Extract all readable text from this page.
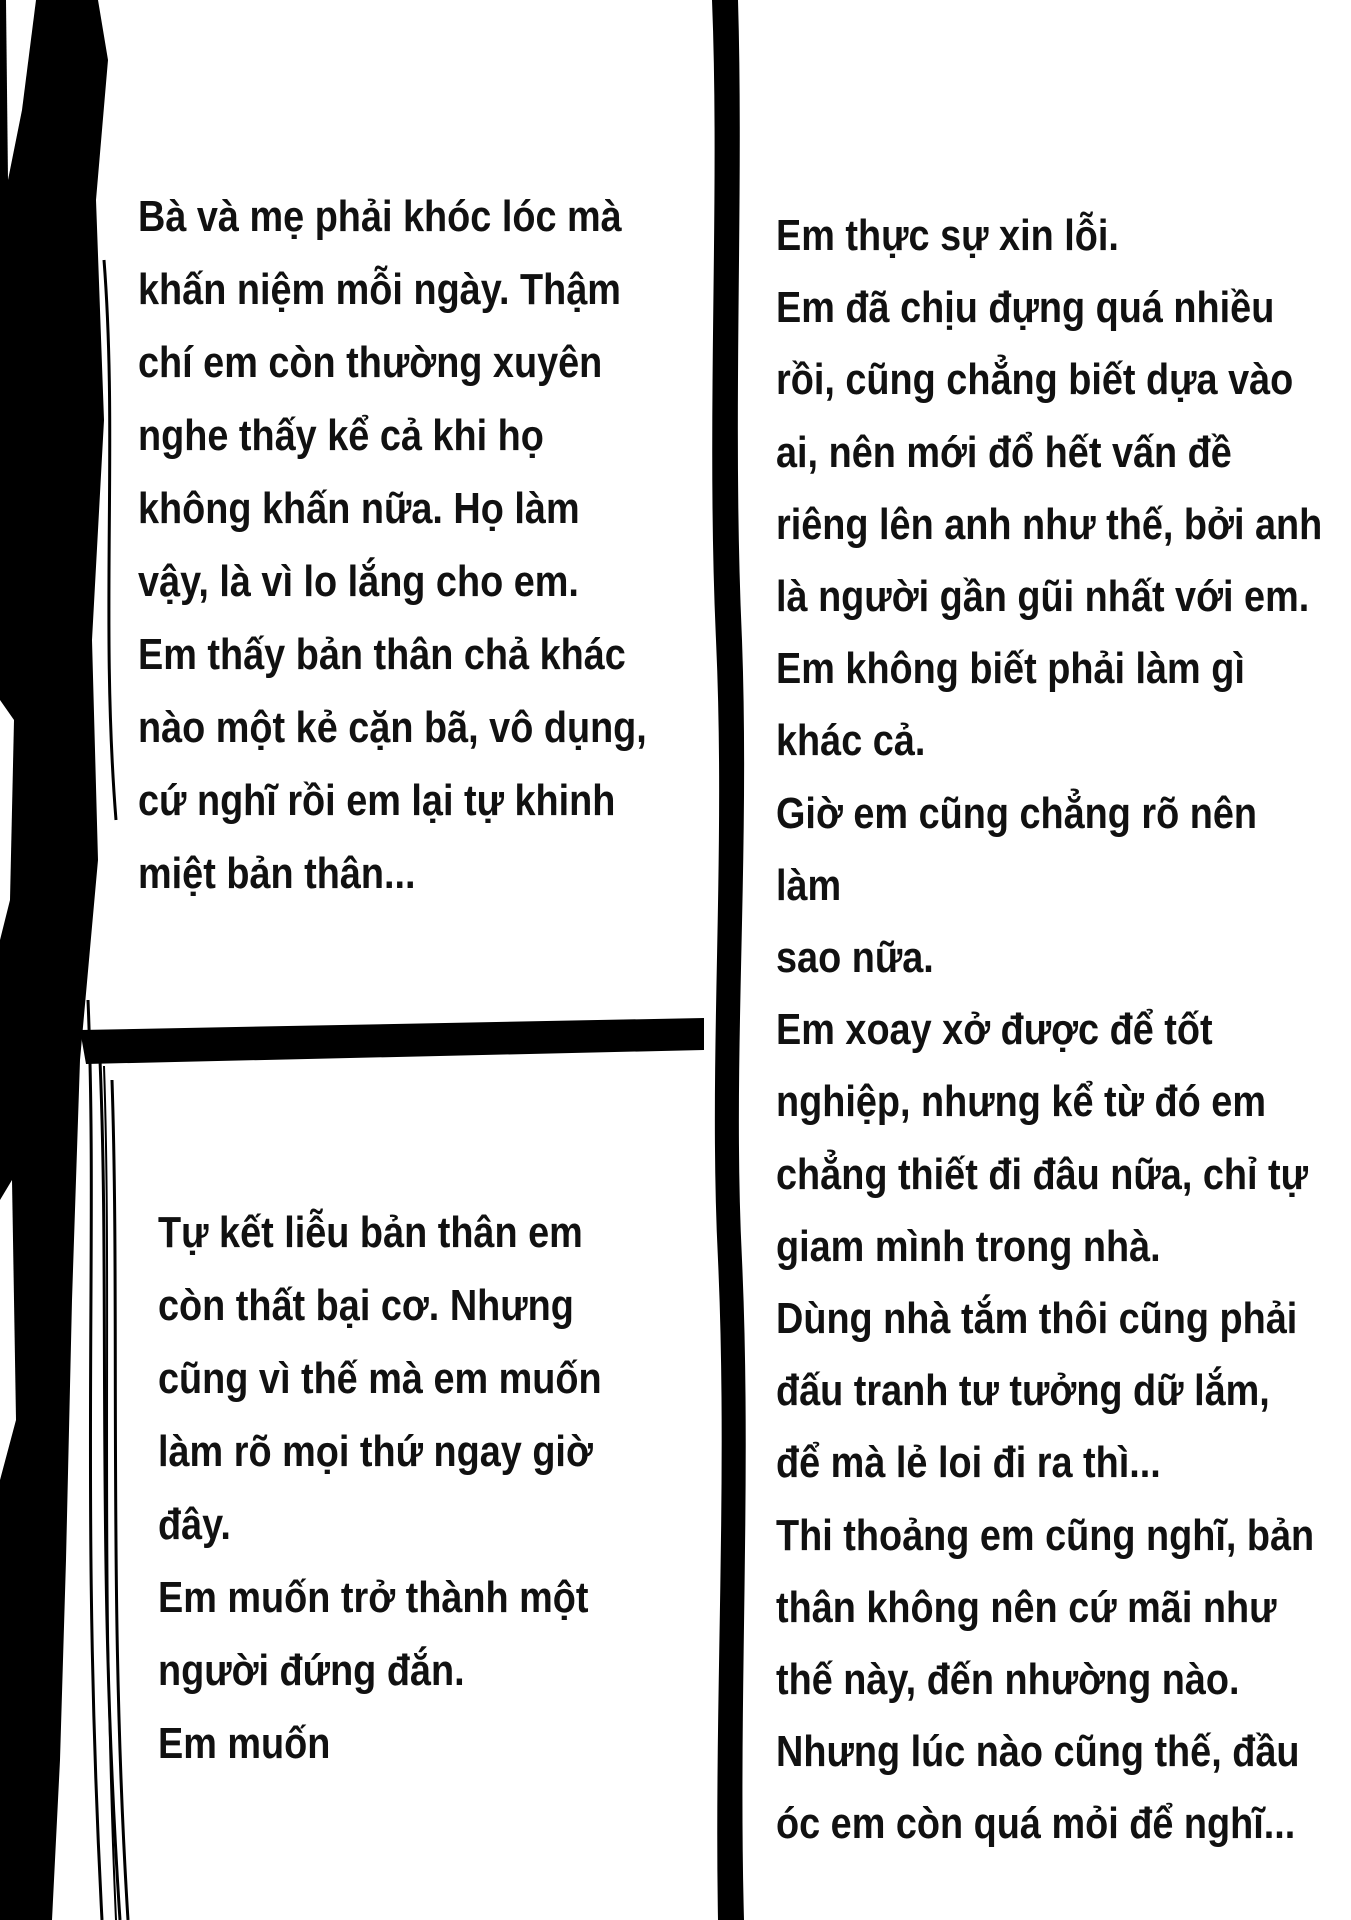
Bà và mẹ phải khóc lóc mà
khấn niệm mỗi ngày. Thậm
chí em còn thường xuyên
nghe thấy kể cả khi họ
không khấn nữa. Họ làm
vậy, là vì lo lắng cho em.
Em thấy bản thân chả khác
nào một kẻ cặn bã, vô dụng,
cứ nghĩ rồi em lại tự khinh
miệt bản thân...

Tự kết liễu bản thân em
còn thất bại cơ. Nhưng
cũng vì thế mà em muốn
làm rõ mọi thứ ngay giờ
đây.
Em muốn trở thành một
người đứng đắn.
Em muốn

Em thực sự xin lỗi.
Em đã chịu đựng quá nhiều
rồi, cũng chẳng biết dựa vào
ai, nên mới đổ hết vấn đề
riêng lên anh như thế, bởi anh
là người gần gũi nhất với em.
Em không biết phải làm gì
khác cả.
Giờ em cũng chẳng rõ nên làm
sao nữa.
Em xoay xở được để tốt
nghiệp, nhưng kể từ đó em
chẳng thiết đi đâu nữa, chỉ tự
giam mình trong nhà.
Dùng nhà tắm thôi cũng phải
đấu tranh tư tưởng dữ lắm,
để mà lẻ loi đi ra thì...
Thi thoảng em cũng nghĩ, bản
thân không nên cứ mãi như
thế này, đến nhường nào.
Nhưng lúc nào cũng thế, đầu
óc em còn quá mỏi để nghĩ...
